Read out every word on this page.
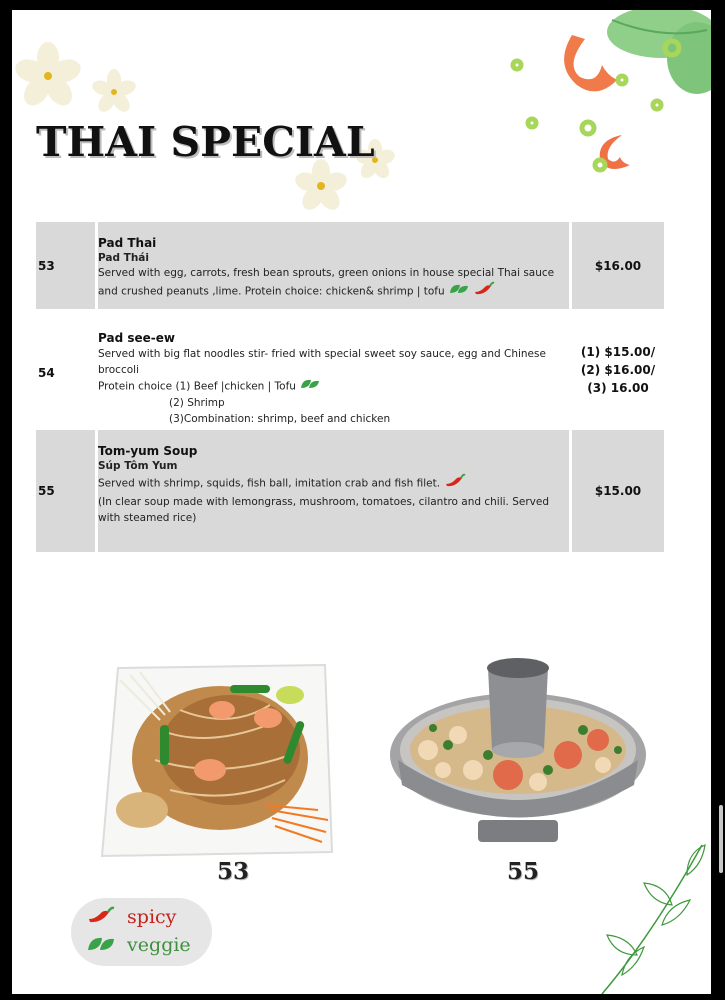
THAI SPECIAL
53
Pad Thai
Pad Thái
Served with egg, carrots, fresh bean sprouts, green onions in house special Thai sauce and crushed peanuts ,lime. Protein choice: chicken& shrimp | tofu
$16.00
54
Pad see-ew
Served with big flat noodles stir- fried with special sweet soy sauce, egg and Chinese broccoli
Protein choice (1) Beef |chicken | Tofu
(2) Shrimp
(3)Combination: shrimp, beef and chicken
(1) $15.00/
(2) $16.00/
(3) 16.00
55
Tom-yum Soup
Súp Tôm Yum
Served with shrimp, squids, fish ball, imitation crab and fish filet.
(In clear soup made with lemongrass, mushroom, tomatoes, cilantro and chili. Served with steamed rice)
$15.00
53	55
spicy
veggie
